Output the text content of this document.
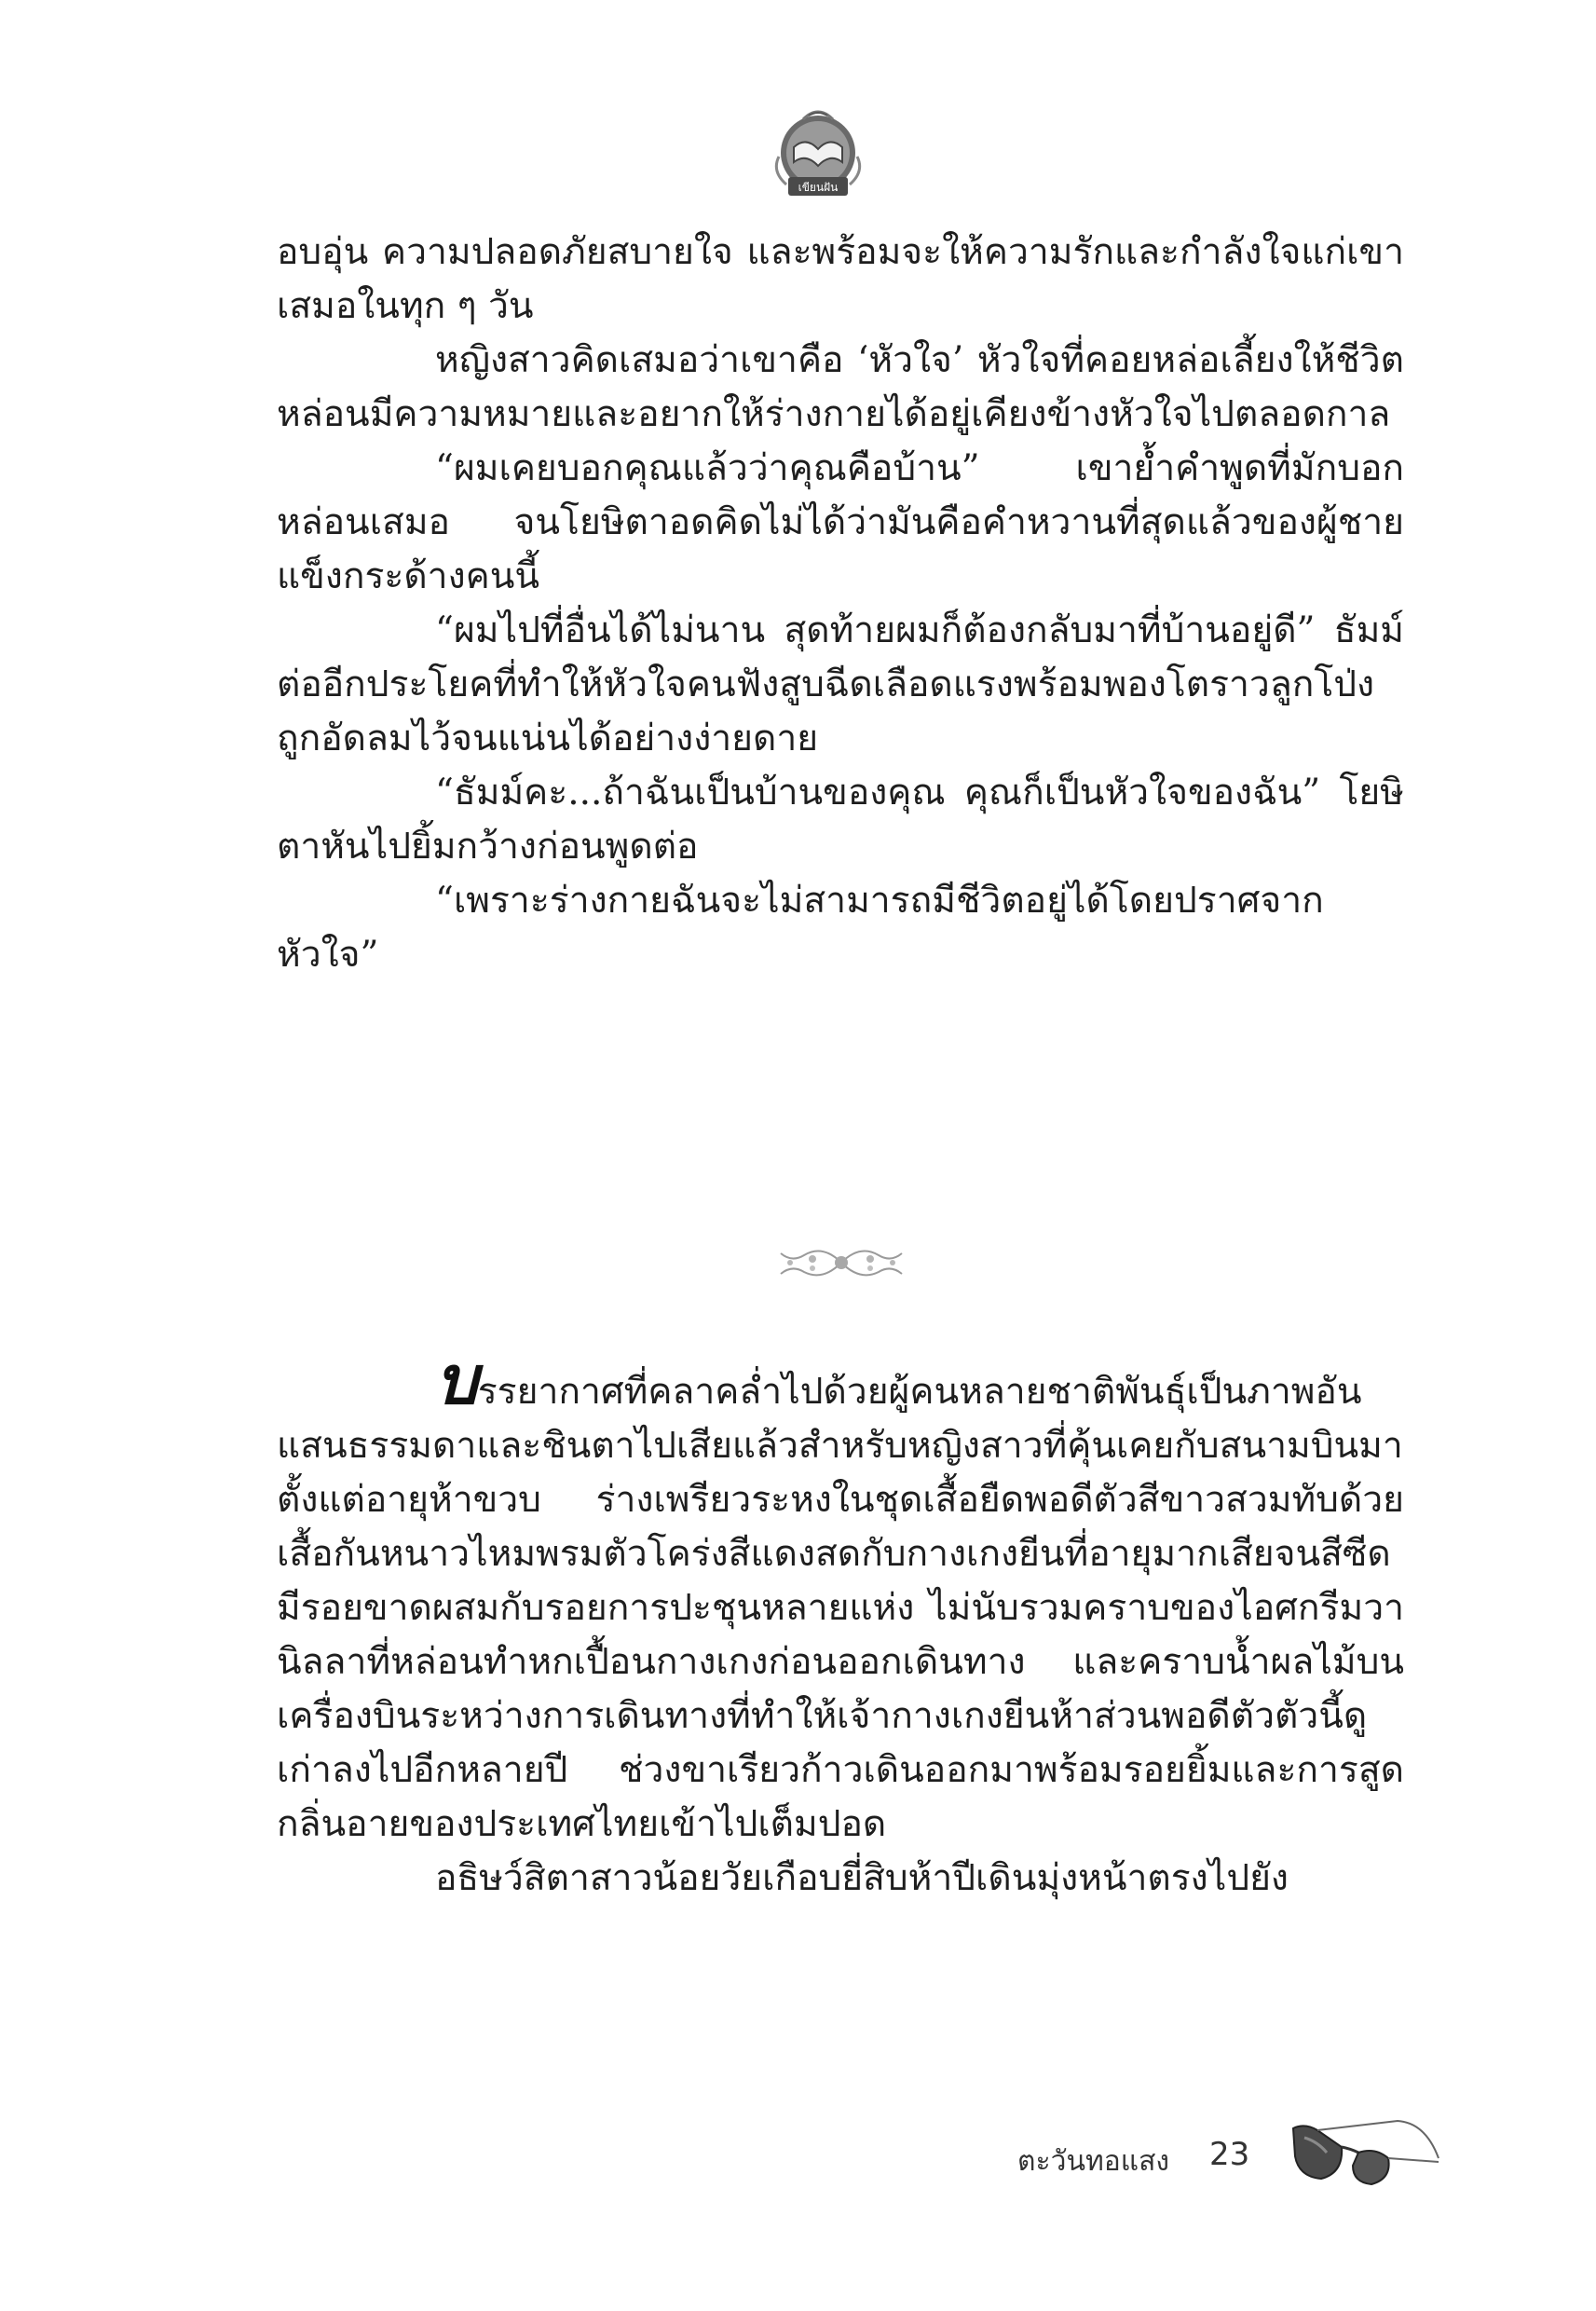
เขียนฝัน

อบอุ่น ความปลอดภัยสบายใจ และพร้อมจะให้ความรักและกำลังใจแก่เขาเสมอในทุก ๆ วัน

หญิงสาวคิดเสมอว่าเขาคือ ‘หัวใจ’ หัวใจที่คอยหล่อเลี้ยงให้ชีวิตหล่อนมีความหมายและอยากให้ร่างกายได้อยู่เคียงข้างหัวใจไปตลอดกาล

“ผมเคยบอกคุณแล้วว่าคุณคือบ้าน” เขาย้ำคำพูดที่มักบอกหล่อนเสมอ จนโยษิตาอดคิดไม่ได้ว่ามันคือคำหวานที่สุดแล้วของผู้ชายแข็งกระด้างคนนี้

“ผมไปที่อื่นได้ไม่นาน สุดท้ายผมก็ต้องกลับมาที่บ้านอยู่ดี” ธัมม์ต่ออีกประโยคที่ทำให้หัวใจคนฟังสูบฉีดเลือดแรงพร้อมพองโตราวลูกโป่งถูกอัดลมไว้จนแน่นได้อย่างง่ายดาย

“ธัมม์คะ...ถ้าฉันเป็นบ้านของคุณ คุณก็เป็นหัวใจของฉัน” โยษิตาหันไปยิ้มกว้างก่อนพูดต่อ

“เพราะร่างกายฉันจะไม่สามารถมีชีวิตอยู่ได้โดยปราศจากหัวใจ”

บรรยากาศที่คลาคล่ำไปด้วยผู้คนหลายชาติพันธุ์เป็นภาพอันแสนธรรมดาและชินตาไปเสียแล้วสำหรับหญิงสาวที่คุ้นเคยกับสนามบินมาตั้งแต่อายุห้าขวบ ร่างเพรียวระหงในชุดเสื้อยืดพอดีตัวสีขาวสวมทับด้วยเสื้อกันหนาวไหมพรมตัวโคร่งสีแดงสดกับกางเกงยีนที่อายุมากเสียจนสีซีด มีรอยขาดผสมกับรอยการปะชุนหลายแห่ง ไม่นับรวมคราบของไอศกรีมวานิลลาที่หล่อนทำหกเปื้อนกางเกงก่อนออกเดินทาง และคราบน้ำผลไม้บนเครื่องบินระหว่างการเดินทางที่ทำให้เจ้ากางเกงยีนห้าส่วนพอดีตัวตัวนี้ดูเก่าลงไปอีกหลายปี ช่วงขาเรียวก้าวเดินออกมาพร้อมรอยยิ้มและการสูดกลิ่นอายของประเทศไทยเข้าไปเต็มปอด

อธิษว์สิตาสาวน้อยวัยเกือบยี่สิบห้าปีเดินมุ่งหน้าตรงไปยัง

ตะวันทอแสง 23
